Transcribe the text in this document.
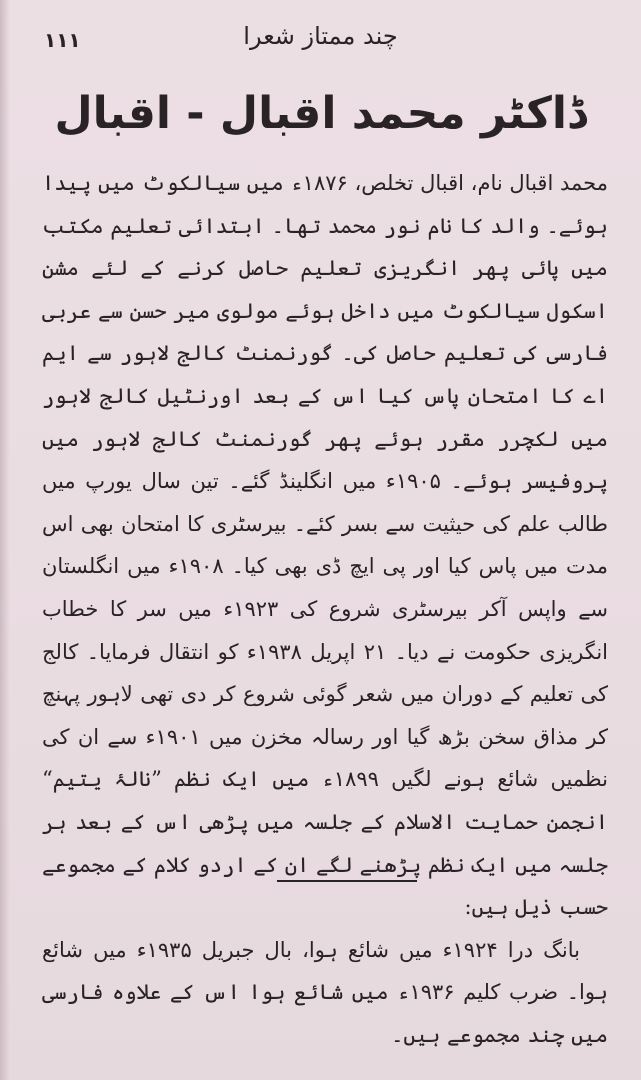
۱۱۱	چند ممتاز شعرا
ڈاکٹر محمد اقبال - اقبال

محمد اقبال نام، اقبال تخلص، ۱۸۷۶ء میں سیالکوٹ میں پیدا ہوئے۔ والد کا نام نور محمد تھا۔ ابتدائی تعلیم مکتب میں پائی پھر انگریزی تعلیم حاصل کرنے کے لئے مشن اسکول سیالکوٹ میں داخل ہوئے مولوی میر حسن سے عربی فارسی کی تعلیم حاصل کی۔ گورنمنٹ کالج لاہور سے ایم اے کا امتحان پاس کیا اس کے بعد اورنٹیل کالج لاہور میں لکچرر مقرر ہوئے پھر گورنمنٹ کالج لاہور میں پروفیسر ہوئے۔ ۱۹۰۵ء میں انگلینڈ گئے۔ تین سال یورپ میں طالب علم کی حیثیت سے بسر کئے۔ بیرسٹری کا امتحان بھی اس مدت میں پاس کیا اور پی ایچ ڈی بھی کیا۔ ۱۹۰۸ء میں انگلستان سے واپس آکر بیرسٹری شروع کی ۱۹۲۳ء میں سر کا خطاب انگریزی حکومت نے دیا۔ ۲۱ اپریل ۱۹۳۸ء کو انتقال فرمایا۔ کالج کی تعلیم کے دوران میں شعر گوئی شروع کر دی تھی لاہور پہنچ کر مذاق سخن بڑھ گیا اور رسالہ مخزن میں ۱۹۰۱ء سے ان کی نظمیں شائع ہونے لگیں ۱۸۹۹ء میں ایک نظم ”نالۂ یتیم“ انجمن حمایت الاسلام کے جلسہ میں پڑھی اس کے بعد ہر جلسہ میں ایک نظم پڑھنے لگے ان کے اردو کلام کے مجموعے حسب ذیل ہیں:

بانگ درا ۱۹۲۴ء میں شائع ہوا، بال جبریل ۱۹۳۵ء میں شائع ہوا۔ ضرب کلیم ۱۹۳۶ء میں شائع ہوا اس کے علاوہ فارسی میں چند مجموعے ہیں۔
